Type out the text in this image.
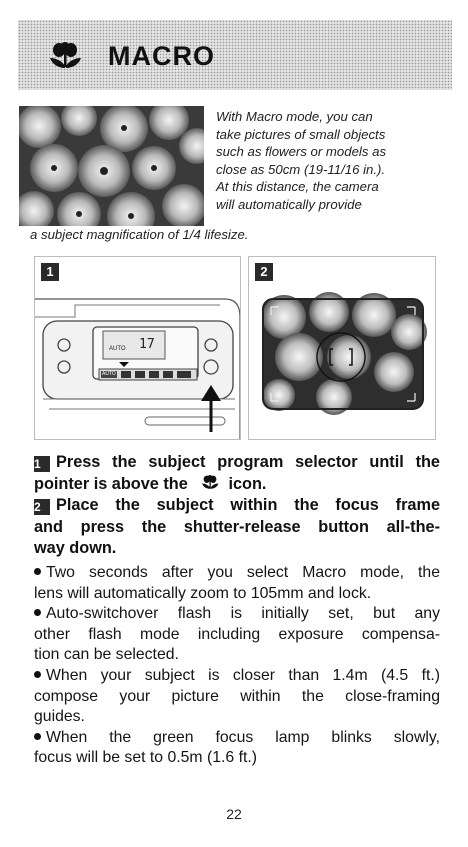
MACRO
With Macro mode, you can
take pictures of small objects
such as flowers or models as
close as 50cm (19-11/16 in.).
At this distance, the camera
will automatically provide
a subject magnification of 1/4 lifesize.
1
AUTO 17
AUTO
2
1 Press the subject program selector until the
pointer is above the icon.
2 Place the subject within the focus frame
and press the shutter-release button all-the-
way down.
Two seconds after you select Macro mode, the
lens will automatically zoom to 105mm and lock.
Auto-switchover flash is initially set, but any
other flash mode including exposure compensa-
tion can be selected.
When your subject is closer than 1.4m (4.5 ft.)
compose your picture within the close-framing
guides.
When the green focus lamp blinks slowly,
focus will be set to 0.5m (1.6 ft.)
22
